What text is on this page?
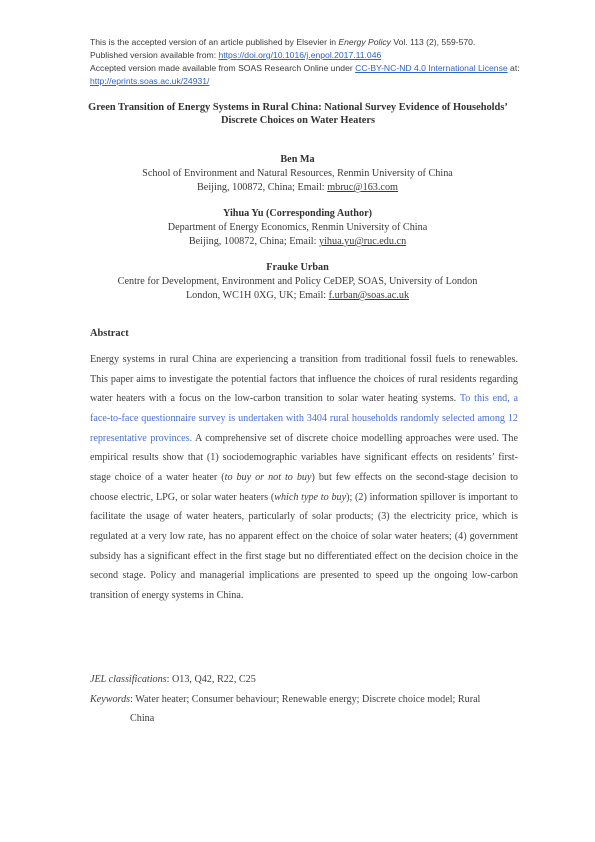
This is the accepted version of an article published by Elsevier in Energy Policy Vol. 113 (2), 559-570.
Published version available from: https://doi.org/10.1016/j.enpol.2017.11.046
Accepted version made available from SOAS Research Online under CC-BY-NC-ND 4.0 International License at: http://eprints.soas.ac.uk/24931/
Green Transition of Energy Systems in Rural China: National Survey Evidence of Households’ Discrete Choices on Water Heaters
Ben Ma
School of Environment and Natural Resources, Renmin University of China
Beijing, 100872, China; Email: mbruc@163.com
Yihua Yu (Corresponding Author)
Department of Energy Economics, Renmin University of China
Beijing, 100872, China; Email: yihua.yu@ruc.edu.cn
Frauke Urban
Centre for Development, Environment and Policy CeDEP, SOAS, University of London
London, WC1H 0XG, UK; Email: f.urban@soas.ac.uk
Abstract
Energy systems in rural China are experiencing a transition from traditional fossil fuels to renewables. This paper aims to investigate the potential factors that influence the choices of rural residents regarding water heaters with a focus on the low-carbon transition to solar water heating systems. To this end, a face-to-face questionnaire survey is undertaken with 3404 rural households randomly selected among 12 representative provinces. A comprehensive set of discrete choice modelling approaches were used. The empirical results show that (1) sociodemographic variables have significant effects on residents’ first-stage choice of a water heater (to buy or not to buy) but few effects on the second-stage decision to choose electric, LPG, or solar water heaters (which type to buy); (2) information spillover is important to facilitate the usage of water heaters, particularly of solar products; (3) the electricity price, which is regulated at a very low rate, has no apparent effect on the choice of solar water heaters; (4) government subsidy has a significant effect in the first stage but no differentiated effect on the decision choice in the second stage. Policy and managerial implications are presented to speed up the ongoing low-carbon transition of energy systems in China.
JEL classifications: O13, Q42, R22, C25
Keywords: Water heater; Consumer behaviour; Renewable energy; Discrete choice model; Rural
China
